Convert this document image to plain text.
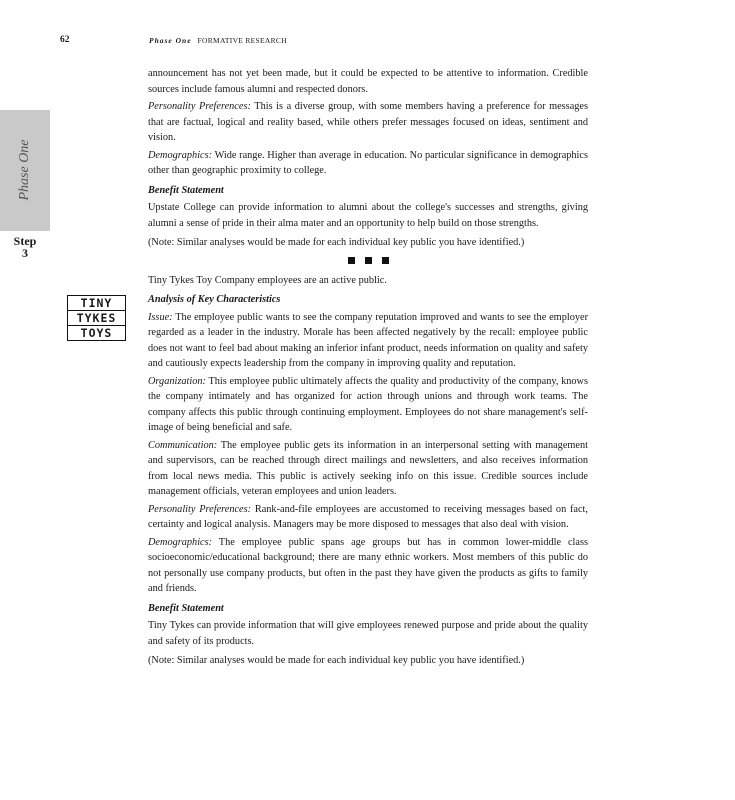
62	Phase One FORMATIVE RESEARCH
Phase One
Step
3
TINY
TYKES
TOYS

announcement has not yet been made, but it could be expected to be attentive to information. Credible sources include famous alumni and respected donors.

Personality Preferences: This is a diverse group, with some members having a preference for messages that are factual, logical and reality based, while others prefer messages focused on ideas, sentiment and vision.

Demographics: Wide range. Higher than average in education. No particular significance in demographics other than geographic proximity to college.

Benefit Statement

Upstate College can provide information to alumni about the college's successes and strengths, giving alumni a sense of pride in their alma mater and an opportunity to help build on those strengths.

(Note: Similar analyses would be made for each individual key public you have identified.)

Tiny Tykes Toy Company employees are an active public.

Analysis of Key Characteristics

Issue: The employee public wants to see the company reputation improved and wants to see the employer regarded as a leader in the industry. Morale has been affected negatively by the recall: employee public does not want to feel bad about making an inferior infant product, needs information on quality and safety and cautiously expects leadership from the company in improving quality and reputation.

Organization: This employee public ultimately affects the quality and productivity of the company, knows the company intimately and has organized for action through unions and through work teams. The company affects this public through continuing employment. Employees do not share management's self-image of being beneficial and safe.

Communication: The employee public gets its information in an interpersonal setting with management and supervisors, can be reached through direct mailings and newsletters, and also receives information from local news media. This public is actively seeking info on this issue. Credible sources include management officials, veteran employees and union leaders.

Personality Preferences: Rank-and-file employees are accustomed to receiving messages based on fact, certainty and logical analysis. Managers may be more disposed to messages that also deal with vision.

Demographics: The employee public spans age groups but has in common lower-middle class socioeconomic/educational background; there are many ethnic workers. Most members of this public do not personally use company products, but often in the past they have given the products as gifts to family and friends.

Benefit Statement

Tiny Tykes can provide information that will give employees renewed purpose and pride about the quality and safety of its products.

(Note: Similar analyses would be made for each individual key public you have identified.)
